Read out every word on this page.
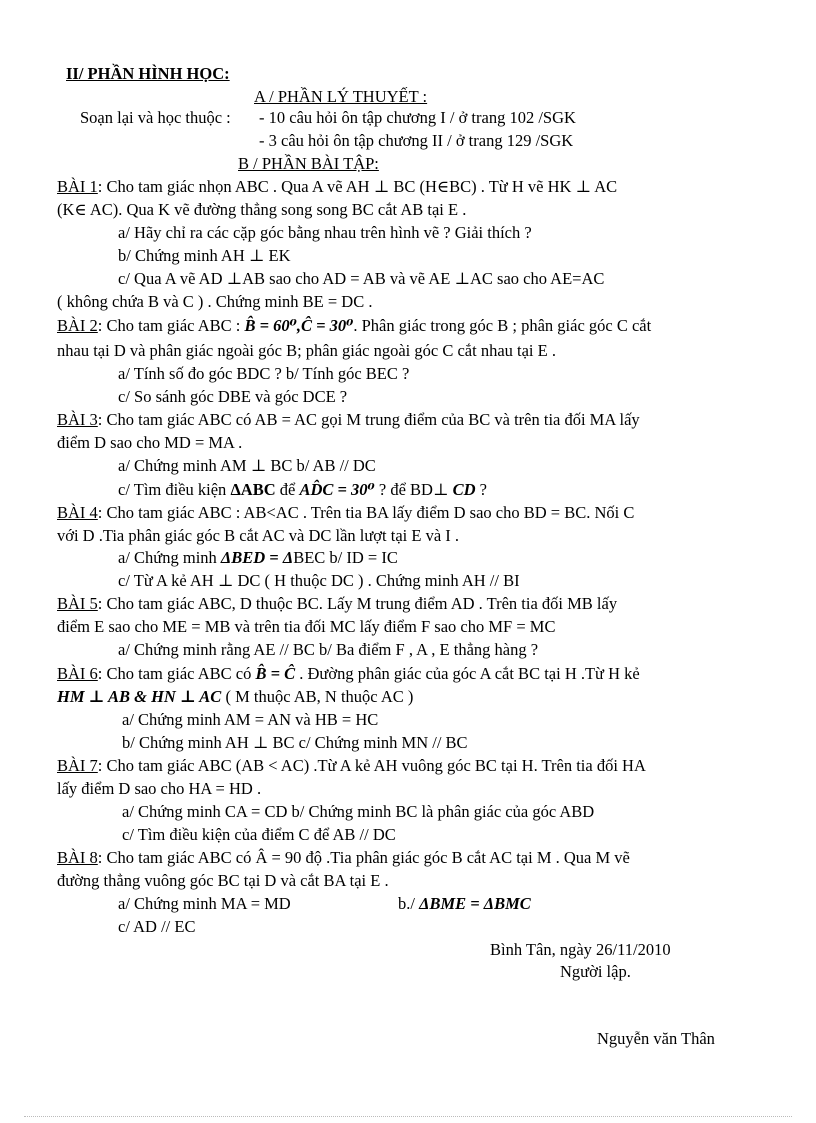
II/ PHẦN HÌNH HỌC:
A / PHẦN LÝ THUYẾT :
Soạn lại và học thuộc : - 10 câu hỏi ôn tập chương I / ở trang 102 /SGK
- 3 câu hỏi ôn tập chương II / ở trang 129 /SGK
B / PHẦN BÀI TẬP:
BÀI 1: Cho tam giác nhọn ABC . Qua A vẽ AH ⊥ BC (H∈BC) . Từ H vẽ HK ⊥ AC
(K∈ AC). Qua K vẽ đường thẳng song song BC cắt AB tại E .
a/ Hãy chỉ ra các cặp góc bằng nhau trên hình vẽ ? Giải thích ?
b/ Chứng minh AH ⊥ EK
c/ Qua A vẽ AD ⊥AB sao cho AD = AB và vẽ AE ⊥AC sao cho AE=AC
( không chứa B và C ) . Chứng minh BE = DC .
BÀI 2: Cho tam giác ABC : B̂ = 60⁰,Ĉ = 30⁰. Phân giác trong góc B ; phân giác góc C cắt
nhau tại D và phân giác ngoài góc B; phân giác ngoài góc C cắt nhau tại E .
a/ Tính số đo góc BDC ? b/ Tính góc BEC ?
c/ So sánh góc DBE và góc DCE ?
BÀI 3: Cho tam giác ABC có AB = AC gọi M trung điểm của BC và trên tia đối MA lấy
điểm D sao cho MD = MA .
a/ Chứng minh AM ⊥ BC b/ AB // DC
c/ Tìm điều kiện ΔABC để AD̂C = 30⁰ ? để BD⊥ CD ?
BÀI 4: Cho tam giác ABC : AB<AC . Trên tia BA lấy điểm D sao cho BD = BC. Nối C
với D .Tia phân giác góc B cắt AC và DC lần lượt tại E và I .
a/ Chứng minh ΔBED = ΔBEC b/ ID = IC
c/ Từ A kẻ AH ⊥ DC ( H thuộc DC ) . Chứng minh AH // BI
BÀI 5: Cho tam giác ABC, D thuộc BC. Lấy M trung điểm AD . Trên tia đối MB lấy
điểm E sao cho ME = MB và trên tia đối MC lấy điểm F sao cho MF = MC
a/ Chứng minh rằng AE // BC b/ Ba điểm F , A , E thẳng hàng ?
BÀI 6: Cho tam giác ABC có B̂ = Ĉ . Đường phân giác của góc A cắt BC tại H .Từ H kẻ
HM ⊥ AB & HN ⊥ AC ( M thuộc AB, N thuộc AC )
a/ Chứng minh AM = AN và HB = HC
b/ Chứng minh AH ⊥ BC c/ Chứng minh MN // BC
BÀI 7: Cho tam giác ABC (AB < AC) .Từ A kẻ AH vuông góc BC tại H. Trên tia đối HA
lấy điểm D sao cho HA = HD .
a/ Chứng minh CA = CD b/ Chứng minh BC là phân giác của góc ABD
c/ Tìm điều kiện của điểm C để AB // DC
BÀI 8: Cho tam giác ABC có Â = 90 độ .Tia phân giác góc B cắt AC tại M . Qua M vẽ
đường thẳng vuông góc BC tại D và cắt BA tại E .
a/ Chứng minh MA = MD	b./ ΔBME = ΔBMC
c/ AD // EC
Bình Tân, ngày 26/11/2010
Người lập.
Nguyễn văn Thân
